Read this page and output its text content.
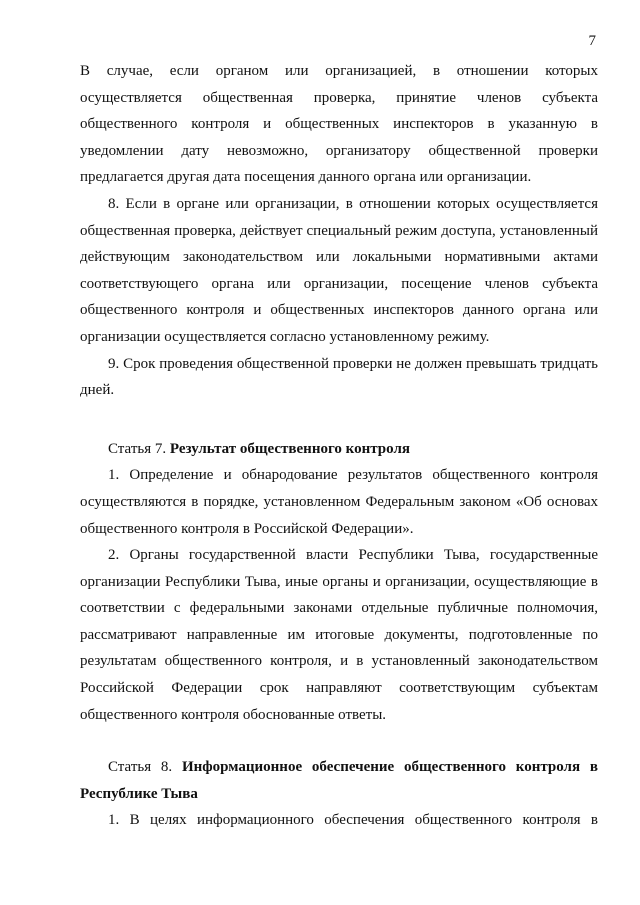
7

В случае, если органом или организацией, в отношении которых осуществляется общественная проверка, принятие членов субъекта общественного контроля и общественных инспекторов в указанную в уведомлении дату невозможно, организатору общественной проверки предлагается другая дата посещения данного органа или организации.

8. Если в органе или организации, в отношении которых осуществляется общественная проверка, действует специальный режим доступа, установленный действующим законодательством или локальными нормативными актами соответствующего органа или организации, посещение членов субъекта общественного контроля и общественных инспекторов данного органа или организации осуществляется согласно установленному режиму.

9. Срок проведения общественной проверки не должен превышать тридцать дней.

Статья 7. Результат общественного контроля

1. Определение и обнародование результатов общественного контроля осуществляются в порядке, установленном Федеральным законом «Об основах общественного контроля в Российской Федерации».

2. Органы государственной власти Республики Тыва, государственные организации Республики Тыва, иные органы и организации, осуществляющие в соответствии с федеральными законами отдельные публичные полномочия, рассматривают направленные им итоговые документы, подготовленные по результатам общественного контроля, и в установленный законодательством Российской Федерации срок направляют соответствующим субъектам общественного контроля обоснованные ответы.

Статья 8. Информационное обеспечение общественного контроля в Республике Тыва

1. В целях информационного обеспечения общественного контроля в
